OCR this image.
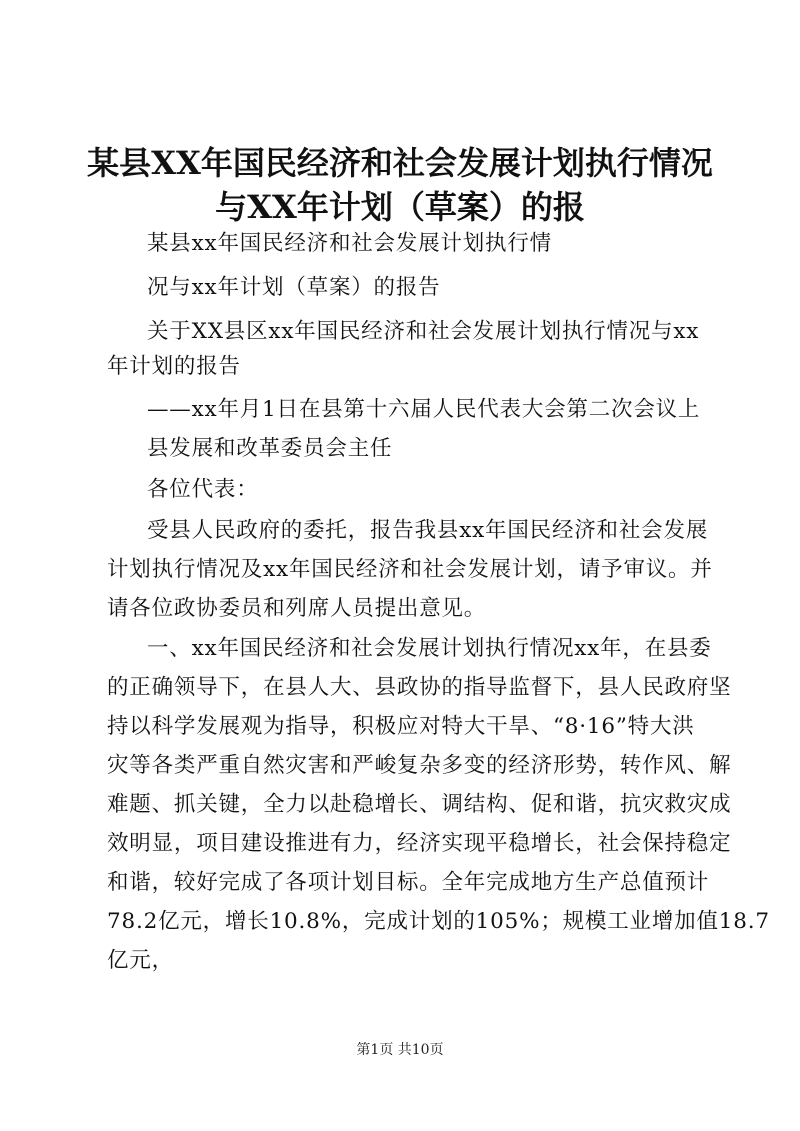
某县XX年国民经济和社会发展计划执行情况
与XX年计划（草案）的报
某县xx年国民经济和社会发展计划执行情
况与xx年计划（草案）的报告
关于XX县区xx年国民经济和社会发展计划执行情况与xx
年计划的报告
——xx年月1日在县第十六届人民代表大会第二次会议上
县发展和改革委员会主任
各位代表：
受县人民政府的委托，报告我县xx年国民经济和社会发展
计划执行情况及xx年国民经济和社会发展计划，请予审议。并
请各位政协委员和列席人员提出意见。
一、xx年国民经济和社会发展计划执行情况xx年，在县委
的正确领导下，在县人大、县政协的指导监督下，县人民政府坚
持以科学发展观为指导，积极应对特大干旱、“8·16”特大洪
灾等各类严重自然灾害和严峻复杂多变的经济形势，转作风、解
难题、抓关键，全力以赴稳增长、调结构、促和谐，抗灾救灾成
效明显，项目建设推进有力，经济实现平稳增长，社会保持稳定
和谐，较好完成了各项计划目标。全年完成地方生产总值预计
78.2亿元，增长10.8%，完成计划的105%；规模工业增加值18.7
亿元，
第1页 共10页
